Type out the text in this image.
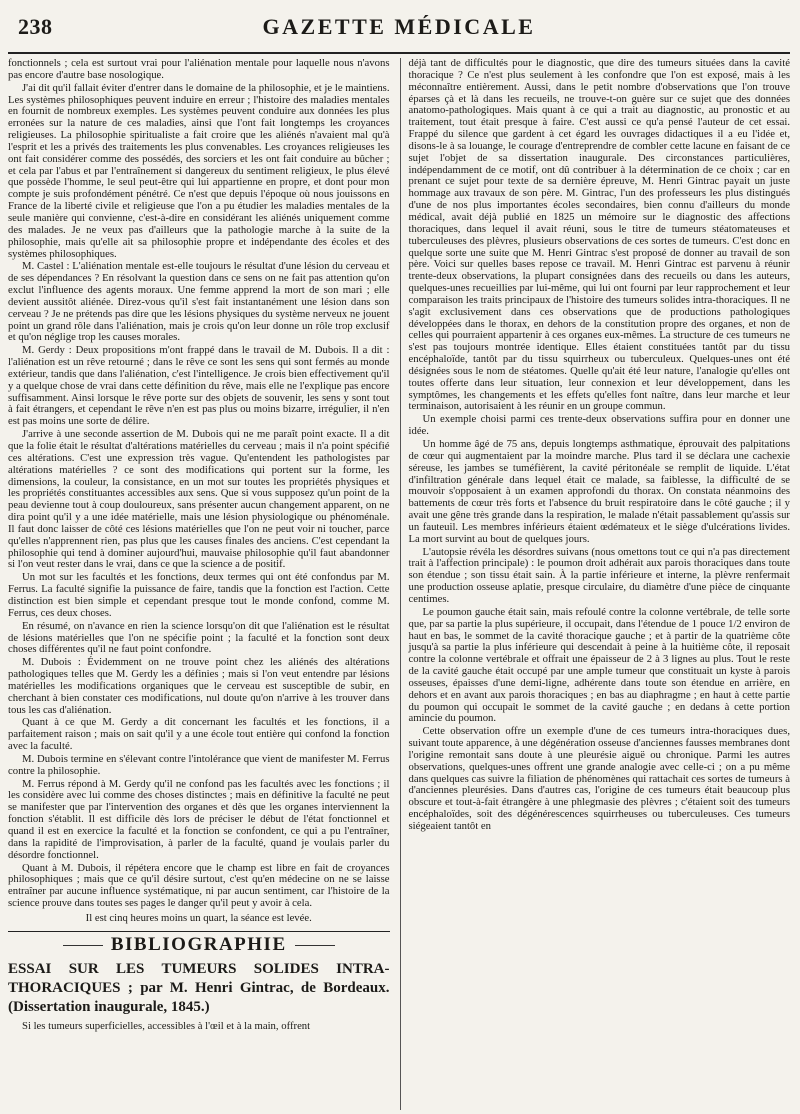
238	GAZETTE MÉDICALE

fonctionnels ; cela est surtout vrai pour l'aliénation mentale pour laquelle nous n'avons pas encore d'autre base nosologique.

J'ai dit qu'il fallait éviter d'entrer dans le domaine de la philosophie, et je le maintiens. Les systèmes philosophiques peuvent induire en erreur ; l'histoire des maladies mentales en fournit de nombreux exemples. Les systèmes peuvent conduire aux données les plus erronées sur la nature de ces maladies, ainsi que l'ont fait longtemps les croyances religieuses. La philosophie spiritualiste a fait croire que les aliénés n'avaient mal qu'à l'esprit et les a privés des traitements les plus convenables. Les croyances religieuses les ont fait considérer comme des possédés, des sorciers et les ont fait conduire au bûcher ; et cela par l'abus et par l'entraînement si dangereux du sentiment religieux, le plus élevé que possède l'homme, le seul peut-être qui lui appartienne en propre, et dont pour mon compte je suis profondément pénétré. Ce n'est que depuis l'époque où nous jouissons en France de la liberté civile et religieuse que l'on a pu étudier les maladies mentales de la seule manière qui convienne, c'est-à-dire en considérant les aliénés uniquement comme des malades. Je ne veux pas d'ailleurs que la pathologie marche à la suite de la philosophie, mais qu'elle ait sa philosophie propre et indépendante des écoles et des systèmes philosophiques.

M. Castel : L'aliénation mentale est-elle toujours le résultat d'une lésion du cerveau et de ses dépendances ? En résolvant la question dans ce sens on ne fait pas attention qu'on exclut l'influence des agents moraux. Une femme apprend la mort de son mari ; elle devient aussitôt aliénée. Direz-vous qu'il s'est fait instantanément une lésion dans son cerveau ? Je ne prétends pas dire que les lésions physiques du système nerveux ne jouent point un grand rôle dans l'aliénation, mais je crois qu'on leur donne un rôle trop exclusif et qu'on néglige trop les causes morales.

M. Gerdy : Deux propositions m'ont frappé dans le travail de M. Dubois. Il a dit : l'aliénation est un rêve retourné ; dans le rêve ce sont les sens qui sont fermés au monde extérieur, tandis que dans l'aliénation, c'est l'intelligence. Je crois bien effectivement qu'il y a quelque chose de vrai dans cette définition du rêve, mais elle ne l'explique pas encore suffisamment. Ainsi lorsque le rêve porte sur des objets de souvenir, les sens y sont tout à fait étrangers, et cependant le rêve n'en est pas plus ou moins bizarre, irrégulier, il n'en est pas moins une sorte de délire.

J'arrive à une seconde assertion de M. Dubois qui ne me paraît point exacte. Il a dit que la folie était le résultat d'altérations matérielles du cerveau ; mais il n'a point spécifié ces altérations. C'est une expression très vague. Qu'entendent les pathologistes par altérations matérielles ? ce sont des modifications qui portent sur la forme, les dimensions, la couleur, la consistance, en un mot sur toutes les propriétés physiques et les propriétés constituantes accessibles aux sens. Que si vous supposez qu'un point de la peau devienne tout à coup douloureux, sans présenter aucun changement apparent, on ne dira point qu'il y a une idée matérielle, mais une lésion physiologique ou phénoménale. Il faut donc laisser de côté ces lésions matérielles que l'on ne peut voir ni toucher, parce qu'elles n'apprennent rien, pas plus que les causes finales des anciens. C'est cependant la philosophie qui tend à dominer aujourd'hui, mauvaise philosophie qu'il faut abandonner si l'on veut rester dans le vrai, dans ce que la science a de positif.

Un mot sur les facultés et les fonctions, deux termes qui ont été confondus par M. Ferrus. La faculté signifie la puissance de faire, tandis que la fonction est l'action. Cette distinction est bien simple et cependant presque tout le monde confond, comme M. Ferrus, ces deux choses.

En résumé, on n'avance en rien la science lorsqu'on dit que l'aliénation est le résultat de lésions matérielles que l'on ne spécifie point ; la faculté et la fonction sont deux choses différentes qu'il ne faut point confondre.

M. Dubois : Évidemment on ne trouve point chez les aliénés des altérations pathologiques telles que M. Gerdy les a définies ; mais si l'on veut entendre par lésions matérielles les modifications organiques que le cerveau est susceptible de subir, en cherchant à bien constater ces modifications, nul doute qu'on n'arrive à les trouver dans tous les cas d'aliénation.

Quant à ce que M. Gerdy a dit concernant les facultés et les fonctions, il a parfaitement raison ; mais on sait qu'il y a une école tout entière qui confond la fonction avec la faculté.

M. Dubois termine en s'élevant contre l'intolérance que vient de manifester M. Ferrus contre la philosophie.

M. Ferrus répond à M. Gerdy qu'il ne confond pas les facultés avec les fonctions ; il les considère avec lui comme des choses distinctes ; mais en définitive la faculté ne peut se manifester que par l'intervention des organes et dès que les organes interviennent la fonction s'établit. Il est difficile dès lors de préciser le début de l'état fonctionnel et quand il est en exercice la faculté et la fonction se confondent, ce qui a pu l'entraîner, dans la rapidité de l'improvisation, à parler de la faculté, quand je voulais parler du désordre fonctionnel.

Quant à M. Dubois, il répétera encore que le champ est libre en fait de croyances philosophiques ; mais que ce qu'il désire surtout, c'est qu'en médecine on ne se laisse entraîner par aucune influence systématique, ni par aucun sentiment, car l'histoire de la science prouve dans toutes ses pages le danger qu'il peut y avoir à cela.

Il est cinq heures moins un quart, la séance est levée.

BIBLIOGRAPHIE
ESSAI SUR LES TUMEURS SOLIDES INTRA-THORACIQUES ; par M. Henri Gintrac, de Bordeaux. (Dissertation inaugurale, 1845.)

Si les tumeurs superficielles, accessibles à l'œil et à la main, offrent

déjà tant de difficultés pour le diagnostic, que dire des tumeurs situées dans la cavité thoracique ? Ce n'est plus seulement à les confondre que l'on est exposé, mais à les méconnaître entièrement. Aussi, dans le petit nombre d'observations que l'on trouve éparses çà et là dans les recueils, ne trouve-t-on guère sur ce sujet que des données anatomo-pathologiques. Mais quant à ce qui a trait au diagnostic, au pronostic et au traitement, tout était presque à faire. C'est aussi ce qu'a pensé l'auteur de cet essai. Frappé du silence que gardent à cet égard les ouvrages didactiques il a eu l'idée et, disons-le à sa louange, le courage d'entreprendre de combler cette lacune en faisant de ce sujet l'objet de sa dissertation inaugurale. Des circonstances particulières, indépendamment de ce motif, ont dû contribuer à la détermination de ce choix ; car en prenant ce sujet pour texte de sa dernière épreuve, M. Henri Gintrac payait un juste hommage aux travaux de son père. M. Gintrac, l'un des professeurs les plus distingués d'une de nos plus importantes écoles secondaires, bien connu d'ailleurs du monde médical, avait déjà publié en 1825 un mémoire sur le diagnostic des affections thoraciques, dans lequel il avait réuni, sous le titre de tumeurs stéatomateuses et tuberculeuses des plèvres, plusieurs observations de ces sortes de tumeurs. C'est donc en quelque sorte une suite que M. Henri Gintrac s'est proposé de donner au travail de son père. Voici sur quelles bases repose ce travail. M. Henri Gintrac est parvenu à réunir trente-deux observations, la plupart consignées dans des recueils ou dans les auteurs, quelques-unes recueillies par lui-même, qui lui ont fourni par leur rapprochement et leur comparaison les traits principaux de l'histoire des tumeurs solides intra-thoraciques. Il ne s'agit exclusivement dans ces observations que de productions pathologiques développées dans le thorax, en dehors de la constitution propre des organes, et non de celles qui pourraient appartenir à ces organes eux-mêmes. La structure de ces tumeurs ne s'est pas toujours montrée identique. Elles étaient constituées tantôt par du tissu encéphaloïde, tantôt par du tissu squirrheux ou tuberculeux. Quelques-unes ont été désignées sous le nom de stéatomes. Quelle qu'ait été leur nature, l'analogie qu'elles ont toutes offerte dans leur situation, leur connexion et leur développement, dans les symptômes, les changements et les effets qu'elles font naître, dans leur marche et leur terminaison, autorisaient à les réunir en un groupe commun.

Un exemple choisi parmi ces trente-deux observations suffira pour en donner une idée.

Un homme âgé de 75 ans, depuis longtemps asthmatique, éprouvait des palpitations de cœur qui augmentaient par la moindre marche. Plus tard il se déclara une cachexie séreuse, les jambes se tuméfièrent, la cavité péritonéale se remplit de liquide. L'état d'infiltration générale dans lequel était ce malade, sa faiblesse, la difficulté de se mouvoir s'opposaient à un examen approfondi du thorax. On constata néanmoins des battements de cœur très forts et l'absence du bruit respiratoire dans le côté gauche ; il y avait une gêne très grande dans la respiration, le malade n'était passablement qu'assis sur un fauteuil. Les membres inférieurs étaient œdémateux et le siège d'ulcérations livides. La mort survint au bout de quelques jours.

L'autopsie révéla les désordres suivans (nous omettons tout ce qui n'a pas directement trait à l'affection principale) : le poumon droit adhérait aux parois thoraciques dans toute son étendue ; son tissu était sain. À la partie inférieure et interne, la plèvre renfermait une production osseuse aplatie, presque circulaire, du diamètre d'une pièce de cinquante centimes.

Le poumon gauche était sain, mais refoulé contre la colonne vertébrale, de telle sorte que, par sa partie la plus supérieure, il occupait, dans l'étendue de 1 pouce 1/2 environ de haut en bas, le sommet de la cavité thoracique gauche ; et à partir de la quatrième côte jusqu'à sa partie la plus inférieure qui descendait à peine à la huitième côte, il reposait contre la colonne vertébrale et offrait une épaisseur de 2 à 3 lignes au plus. Tout le reste de la cavité gauche était occupé par une ample tumeur que constituait un kyste à parois osseuses, épaisses d'une demi-ligne, adhérente dans toute son étendue en arrière, en dehors et en avant aux parois thoraciques ; en bas au diaphragme ; en haut à cette partie du poumon qui occupait le sommet de la cavité gauche ; en dedans à cette portion amincie du poumon.

Cette observation offre un exemple d'une de ces tumeurs intra-thoraciques dues, suivant toute apparence, à une dégénération osseuse d'anciennes fausses membranes dont l'origine remontait sans doute à une pleurésie aiguë ou chronique. Parmi les autres observations, quelques-unes offrent une grande analogie avec celle-ci ; on a pu même dans quelques cas suivre la filiation de phénomènes qui rattachait ces sortes de tumeurs à d'anciennes pleurésies. Dans d'autres cas, l'origine de ces tumeurs était beaucoup plus obscure et tout-à-fait étrangère à une phlegmasie des plèvres ; c'étaient soit des tumeurs encéphaloïdes, soit des dégénérescences squirrheuses ou tuberculeuses. Ces tumeurs siégeaient tantôt en
